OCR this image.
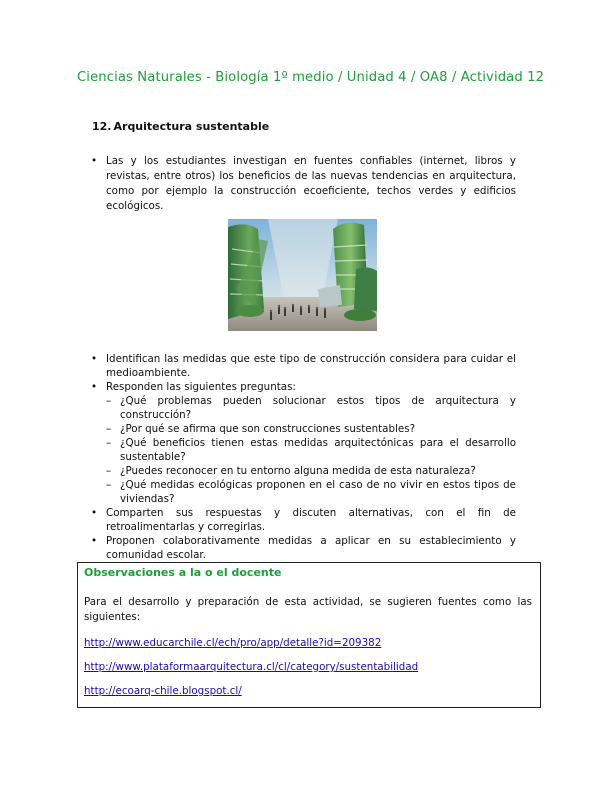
Ciencias Naturales - Biología 1º medio / Unidad 4 / OA8 / Actividad 12
12. Arquitectura sustentable
• Las y los estudiantes investigan en fuentes confiables (internet, libros y revistas, entre otros) los beneficios de las nuevas tendencias en arquitectura, como por ejemplo la construcción ecoeficiente, techos verdes y edificios ecológicos.
• Identifican las medidas que este tipo de construcción considera para cuidar el medioambiente.
• Responden las siguientes preguntas:
– ¿Qué problemas pueden solucionar estos tipos de arquitectura y construcción?
– ¿Por qué se afirma que son construcciones sustentables?
– ¿Qué beneficios tienen estas medidas arquitectónicas para el desarrollo sustentable?
– ¿Puedes reconocer en tu entorno alguna medida de esta naturaleza?
– ¿Qué medidas ecológicas proponen en el caso de no vivir en estos tipos de viviendas?
• Comparten sus respuestas y discuten alternativas, con el fin de retroalimentarlas y corregirlas.
• Proponen colaborativamente medidas a aplicar en su establecimiento y comunidad escolar.
Observaciones a la o el docente
Para el desarrollo y preparación de esta actividad, se sugieren fuentes como las siguientes:
http://www.educarchile.cl/ech/pro/app/detalle?id=209382
http://www.plataformaarquitectura.cl/cl/category/sustentabilidad
http://ecoarq-chile.blogspot.cl/
